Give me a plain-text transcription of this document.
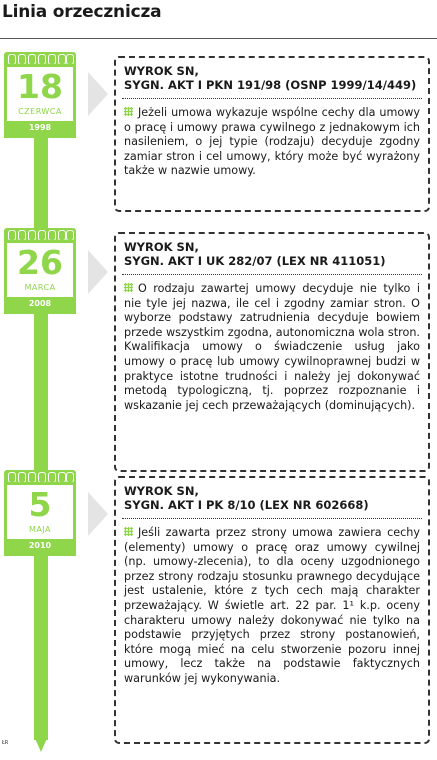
Linia orzecznicza
18
CZERWCA
1998
WYROK SN,
SYGN. AKT I PKN 191/98 (OSNP 1999/14/449)
Jeżeli umowa wykazuje wspólne cechy dla umowy o pracę i umowy prawa cywilnego z jednakowym ich nasileniem, o jej typie (rodzaju) decyduje zgodny zamiar stron i cel umowy, który może być wyrażony także w nazwie umowy.
26
MARCA
2008
WYROK SN,
SYGN. AKT I UK 282/07 (LEX NR 411051)
O rodzaju zawartej umowy decyduje nie tylko i nie tyle jej nazwa, ile cel i zgodny zamiar stron. O wyborze podstawy zatrudnienia decyduje bowiem przede wszystkim zgodna, autonomiczna wola stron. Kwalifikacja umowy o świadczenie usług jako umowy o pracę lub umowy cywilnoprawnej budzi w praktyce istotne trudności i należy jej dokonywać metodą typologiczną, tj. poprzez rozpoznanie i wskazanie jej cech przeważających (dominujących).
5
MAJA
2010
WYROK SN,
SYGN. AKT I PK 8/10 (LEX NR 602668)
Jeśli zawarta przez strony umowa zawiera cechy (elementy) umowy o pracę oraz umowy cywilnej (np. umowy-zlecenia), to dla oceny uzgodnionego przez strony rodzaju stosunku prawnego decydujące jest ustalenie, które z tych cech mają charakter przeważający. W świetle art. 22 par. 1¹ k.p. oceny charakteru umowy należy dokonywać nie tylko na podstawie przyjętych przez strony postanowień, które mogą mieć na celu stworzenie pozoru innej umowy, lecz także na podstawie faktycznych warunków jej wykonywania.
ŁR
